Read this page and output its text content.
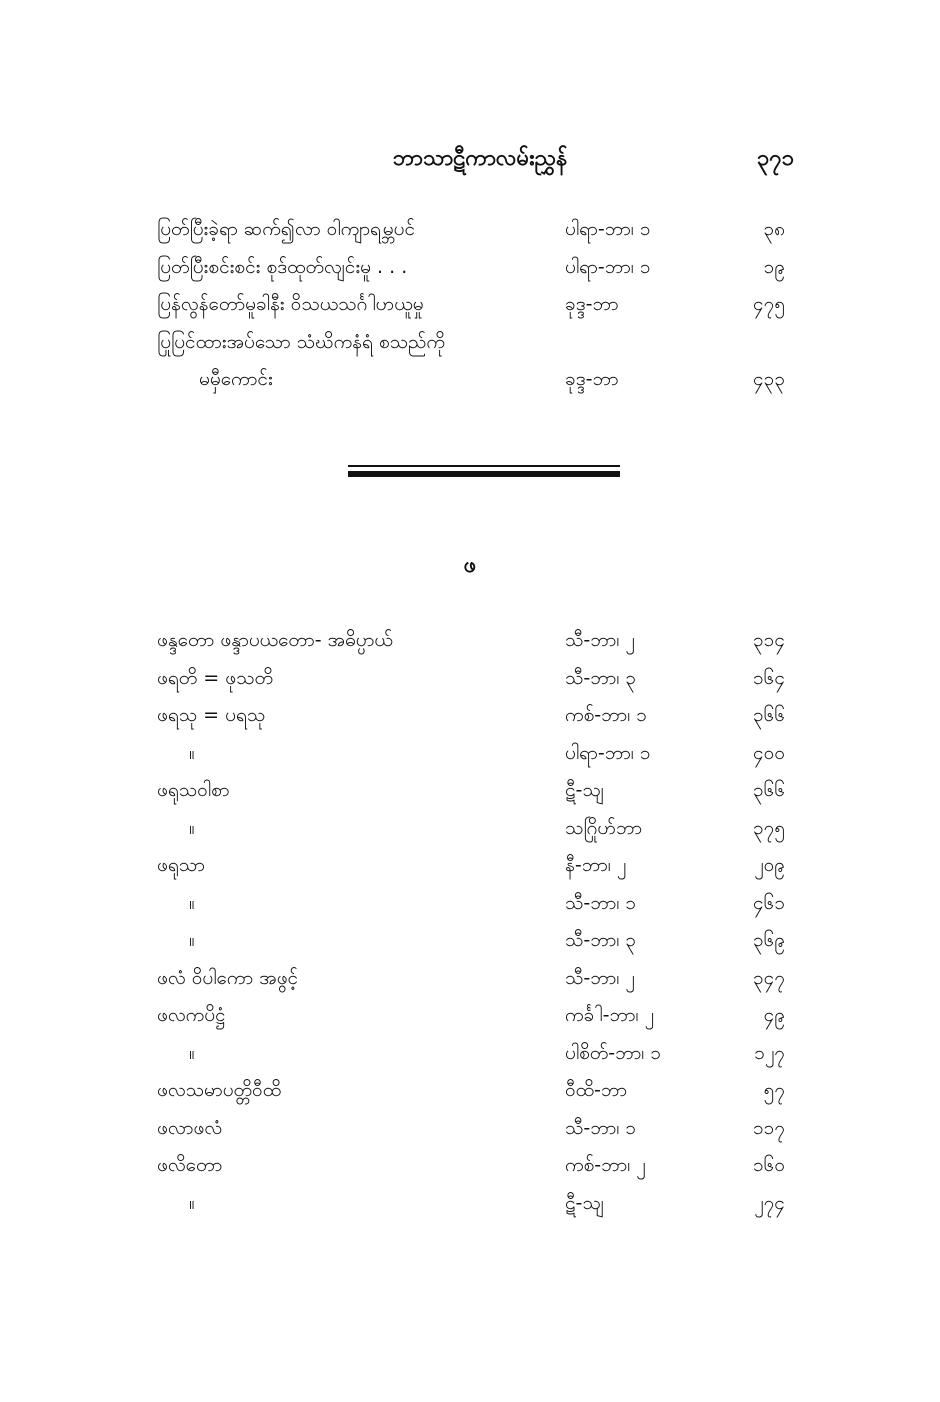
ဘာသာဋီကာလမ်းညွှန်	၃၇၁
ပြတ်ပြီးခဲ့ရာ ဆက်၍လာ ဝါကျာရမ္ဘပင်	ပါရာ-ဘာ၊ ၁	၃၈
ပြတ်ပြီးစင်းစင်း စုဒ်ထုတ်လျင်းမူ . . .	ပါရာ-ဘာ၊ ၁	၁၉
ပြန်လွန်တော်မူခါနီး ဝိသယသင်္ဂါဟယူမှု	ခုဒ္ဒ-ဘာ	၄၇၅
ပြုပြင်ထားအပ်သော သံဃိကနံရံ စသည်ကို
မမှီကောင်း	ခုဒ္ဒ-ဘာ	၄၃၃
ဖ
ဖန္ဒတော ဖန္ဒာပယတော- အဓိပ္ပာယ်	သီ-ဘာ၊ ၂	၃၁၄
ဖရတိ = ဖုသတိ	သီ-ဘာ၊ ၃	၁၆၄
ဖရသု = ပရသု	ကစ်-ဘာ၊ ၁	၃၆၆
။	ပါရာ-ဘာ၊ ၁	၄၀၀
ဖရုသဝါစာ	ဋီ-သျ	၃၆၆
။	သဂြိုဟ်ဘာ	၃၇၅
ဖရုသာ	နီ-ဘာ၊ ၂	၂၀၉
။	သီ-ဘာ၊ ၁	၄၆၁
။	သီ-ဘာ၊ ၃	၃၆၉
ဖလံ ဝိပါကော အဖွင့်	သီ-ဘာ၊ ၂	၃၄၇
ဖလကပိဋ္ဌံ	ကင်္ခါ-ဘာ၊ ၂	၄၉
။	ပါစိတ်-ဘာ၊ ၁	၁၂၇
ဖလသမာပတ္တိဝီထိ	ဝီထိ-ဘာ	၅၇
ဖလာဖလံ	သီ-ဘာ၊ ၁	၁၁၇
ဖလိတော	ကစ်-ဘာ၊ ၂	၁၆၀
။	ဋီ-သျ	၂၇၄
